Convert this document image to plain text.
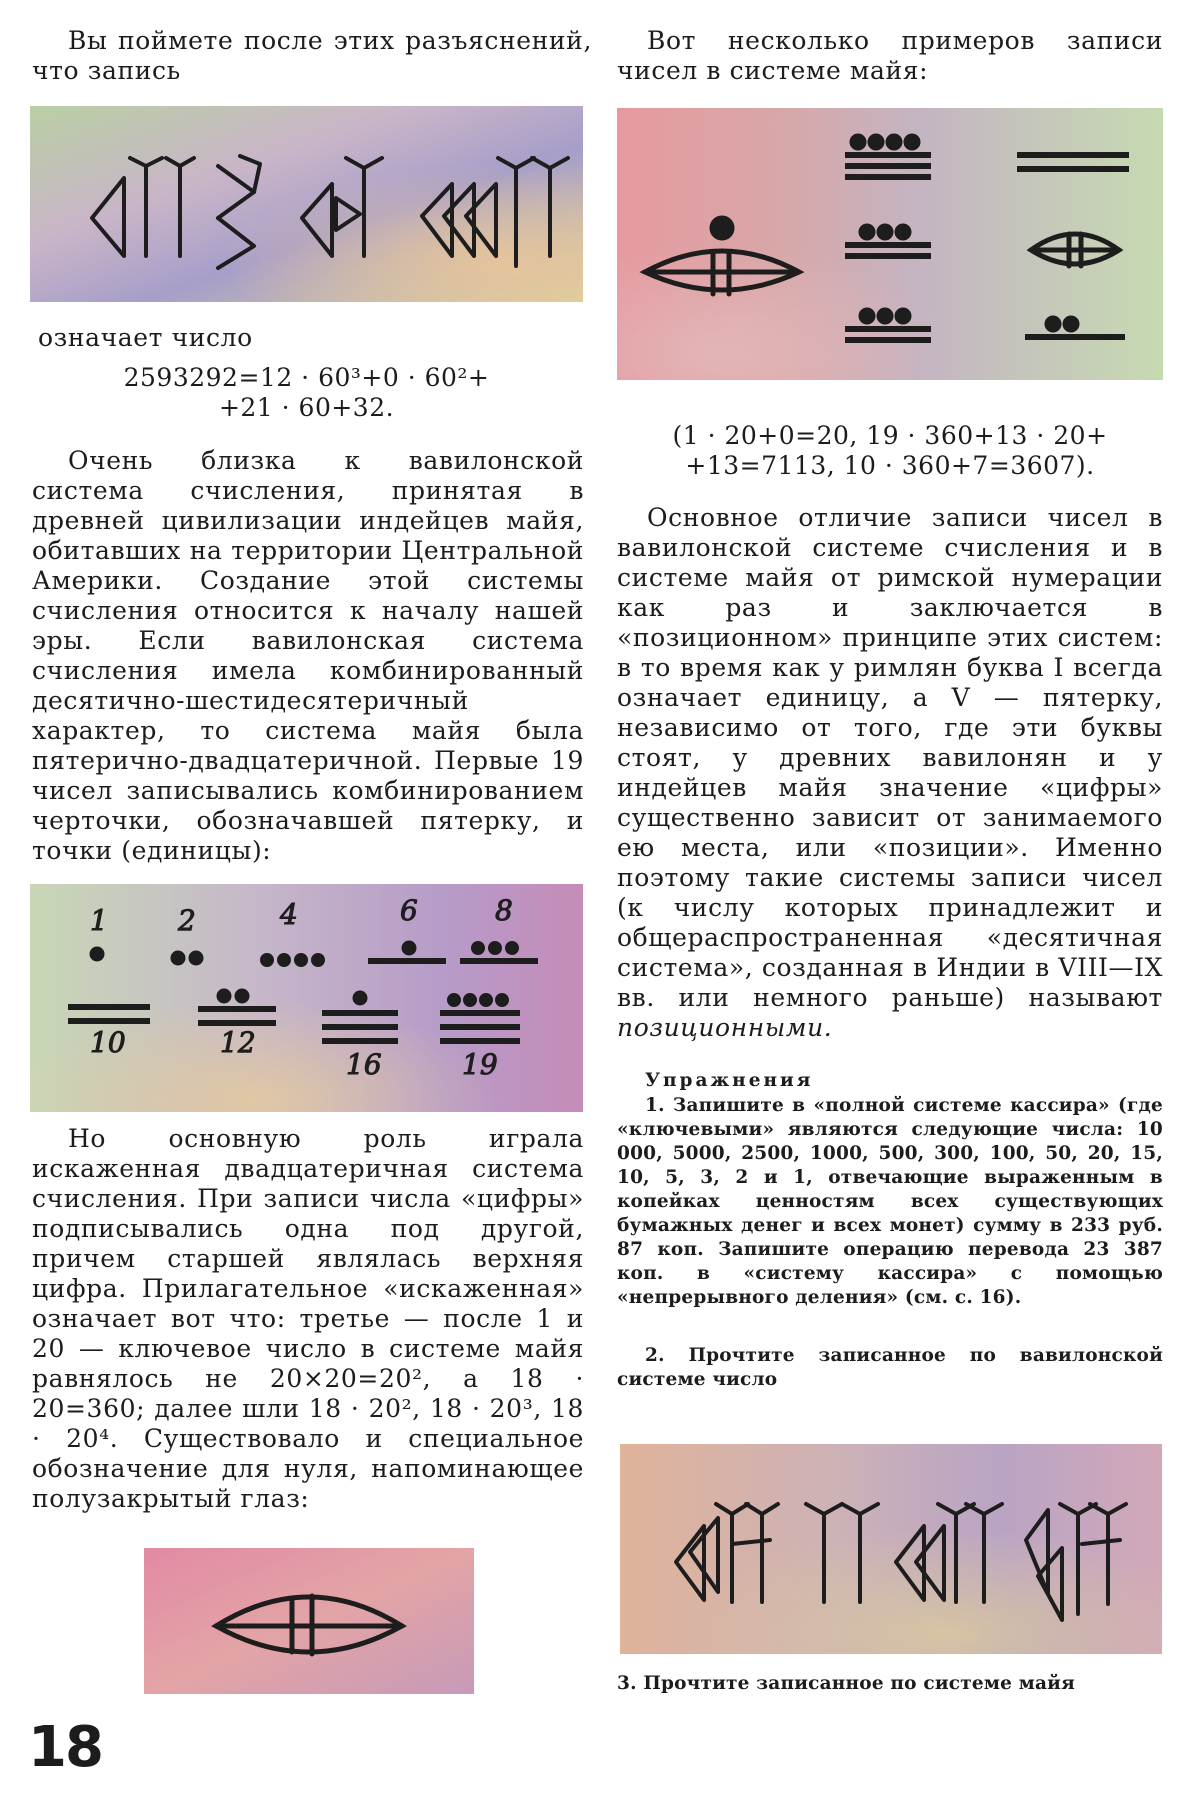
Вы поймете после этих разъяснений, что запись

означает число

2593292=12 · 60³+0 · 60²+

+21 · 60+32.

Очень близка к вавилонской системa счисления, принятая в древней цивилизации индейцев майя, обитавших на территории Центральной Америки. Создание этой системы счисления относится к началу нашей эры. Если вавилонская система счисления имела комбинированный десятично-шестидесятеричный характер, то система майя была пятерично-двадцатеричной. Первые 19 чисел записывались комбинированием черточки, обозначавшей пятерку, и точки (единицы):

1	2	4	6	8
10	12
16	19

Но основную роль играла искаженная двадцатеричная система счисления. При записи числа «цифры» подписывались одна под другой, причем старшей являлась верхняя цифра. Прилагательное «искаженная» означает вот что: третье — после 1 и 20 — ключевое число в системе майя равнялось не 20×20=20², а 18 · 20=360; далее шли 18 · 20², 18 · 20³, 18 · 20⁴. Существовало и специальное обозначение для нуля, напоминающее полузакрытый глаз:

18

Вот несколько примеров записи чисел в системе майя:

(1 · 20+0=20, 19 · 360+13 · 20+

+13=7113, 10 · 360+7=3607).

Основное отличие записи чисел в вавилонской системе счисления и в системе майя от римской нумерации как раз и заключается в «позиционном» принципе этих систем: в то время как у римлян буква I всегда означает единицу, а V — пятерку, независимо от того, где эти буквы стоят, у древних вавилонян и у индейцев майя значение «цифры» существенно зависит от занимаемого ею места, или «позиции». Именно поэтому такие системы записи чисел (к числу которых принадлежит и общераспространенная «десятичная система», созданная в Индии в VIII—IX вв. или немного раньше) называют позиционными.

Упражнения

1. Запишите в «полной системе кассира» (где «ключевыми» являются следующие числа: 10 000, 5000, 2500, 1000, 500, 300, 100, 50, 20, 15, 10, 5, 3, 2 и 1, отвечающие выраженным в копейках ценностям всех существующих бумажных денег и всех монет) сумму в 233 руб. 87 коп. Запишите операцию перевода 23 387 коп. в «систему кассира» с помощью «непрерывного деления» (см. с. 16).

2. Прочтите записанное по вавилонской системе число

3. Прочтите записанное по системе майя
